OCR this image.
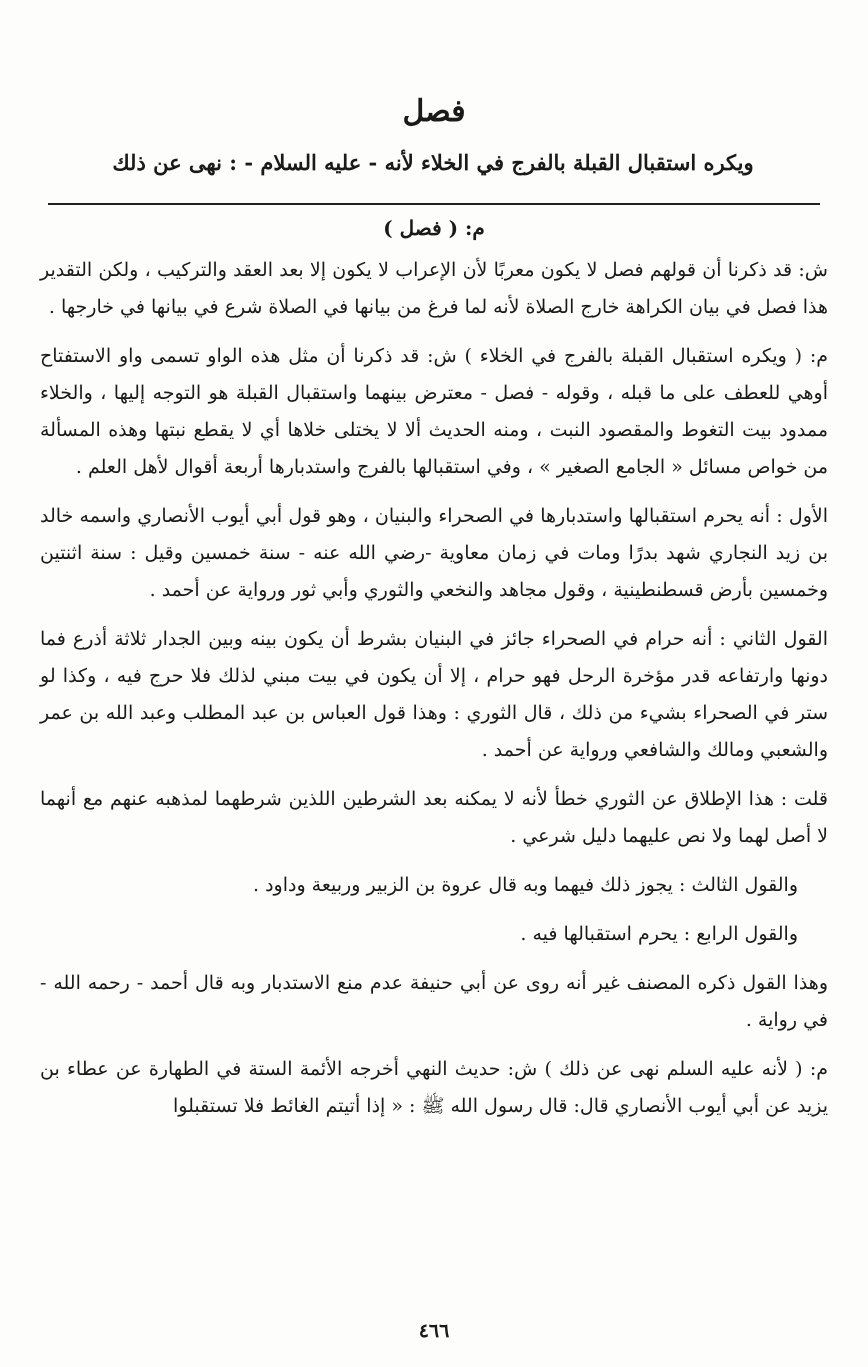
فصل
ويكره استقبال القبلة بالفرج في الخلاء لأنه - عليه السلام - : نهى عن ذلك
م: ( فصل )

ش: قد ذكرنا أن قولهم فصل لا يكون معربًا لأن الإعراب لا يكون إلا بعد العقد والتركيب ، ولكن التقدير هذا فصل في بيان الكراهة خارج الصلاة لأنه لما فرغ من بيانها في الصلاة شرع في بيانها في خارجها .

م: ( ويكره استقبال القبلة بالفرج في الخلاء ) ش: قد ذكرنا أن مثل هذه الواو تسمى واو الاستفتاح أوهي للعطف على ما قبله ، وقوله - فصل - معترض بينهما واستقبال القبلة هو التوجه إليها ، والخلاء ممدود بيت التغوط والمقصود النبت ، ومنه الحديث ألا لا يختلى خلاها أي لا يقطع نبتها وهذه المسألة من خواص مسائل « الجامع الصغير » ، وفي استقبالها بالفرج واستدبارها أربعة أقوال لأهل العلم .

الأول : أنه يحرم استقبالها واستدبارها في الصحراء والبنيان ، وهو قول أبي أيوب الأنصاري واسمه خالد بن زيد النجاري شهد بدرًا ومات في زمان معاوية -رضي الله عنه - سنة خمسين وقيل : سنة اثنتين وخمسين بأرض قسطنطينية ، وقول مجاهد والنخعي والثوري وأبي ثور ورواية عن أحمد .

القول الثاني : أنه حرام في الصحراء جائز في البنيان بشرط أن يكون بينه وبين الجدار ثلاثة أذرع فما دونها وارتفاعه قدر مؤخرة الرحل فهو حرام ، إلا أن يكون في بيت مبني لذلك فلا حرج فيه ، وكذا لو ستر في الصحراء بشيء من ذلك ، قال الثوري : وهذا قول العباس بن عبد المطلب وعبد الله بن عمر والشعبي ومالك والشافعي ورواية عن أحمد .

قلت : هذا الإطلاق عن الثوري خطأ لأنه لا يمكنه بعد الشرطين اللذين شرطهما لمذهبه عنهم مع أنهما لا أصل لهما ولا نص عليهما دليل شرعي .

والقول الثالث : يجوز ذلك فيهما وبه قال عروة بن الزبير وربيعة وداود .

والقول الرابع : يحرم استقبالها فيه .

وهذا القول ذكره المصنف غير أنه روى عن أبي حنيفة عدم منع الاستدبار وبه قال أحمد - رحمه الله - في رواية .

م: ( لأنه عليه السلم نهى عن ذلك ) ش: حديث النهي أخرجه الأئمة الستة في الطهارة عن عطاء بن يزيد عن أبي أيوب الأنصاري قال: قال رسول الله ﷺ : « إذا أتيتم الغائط فلا تستقبلوا

٤٦٦
